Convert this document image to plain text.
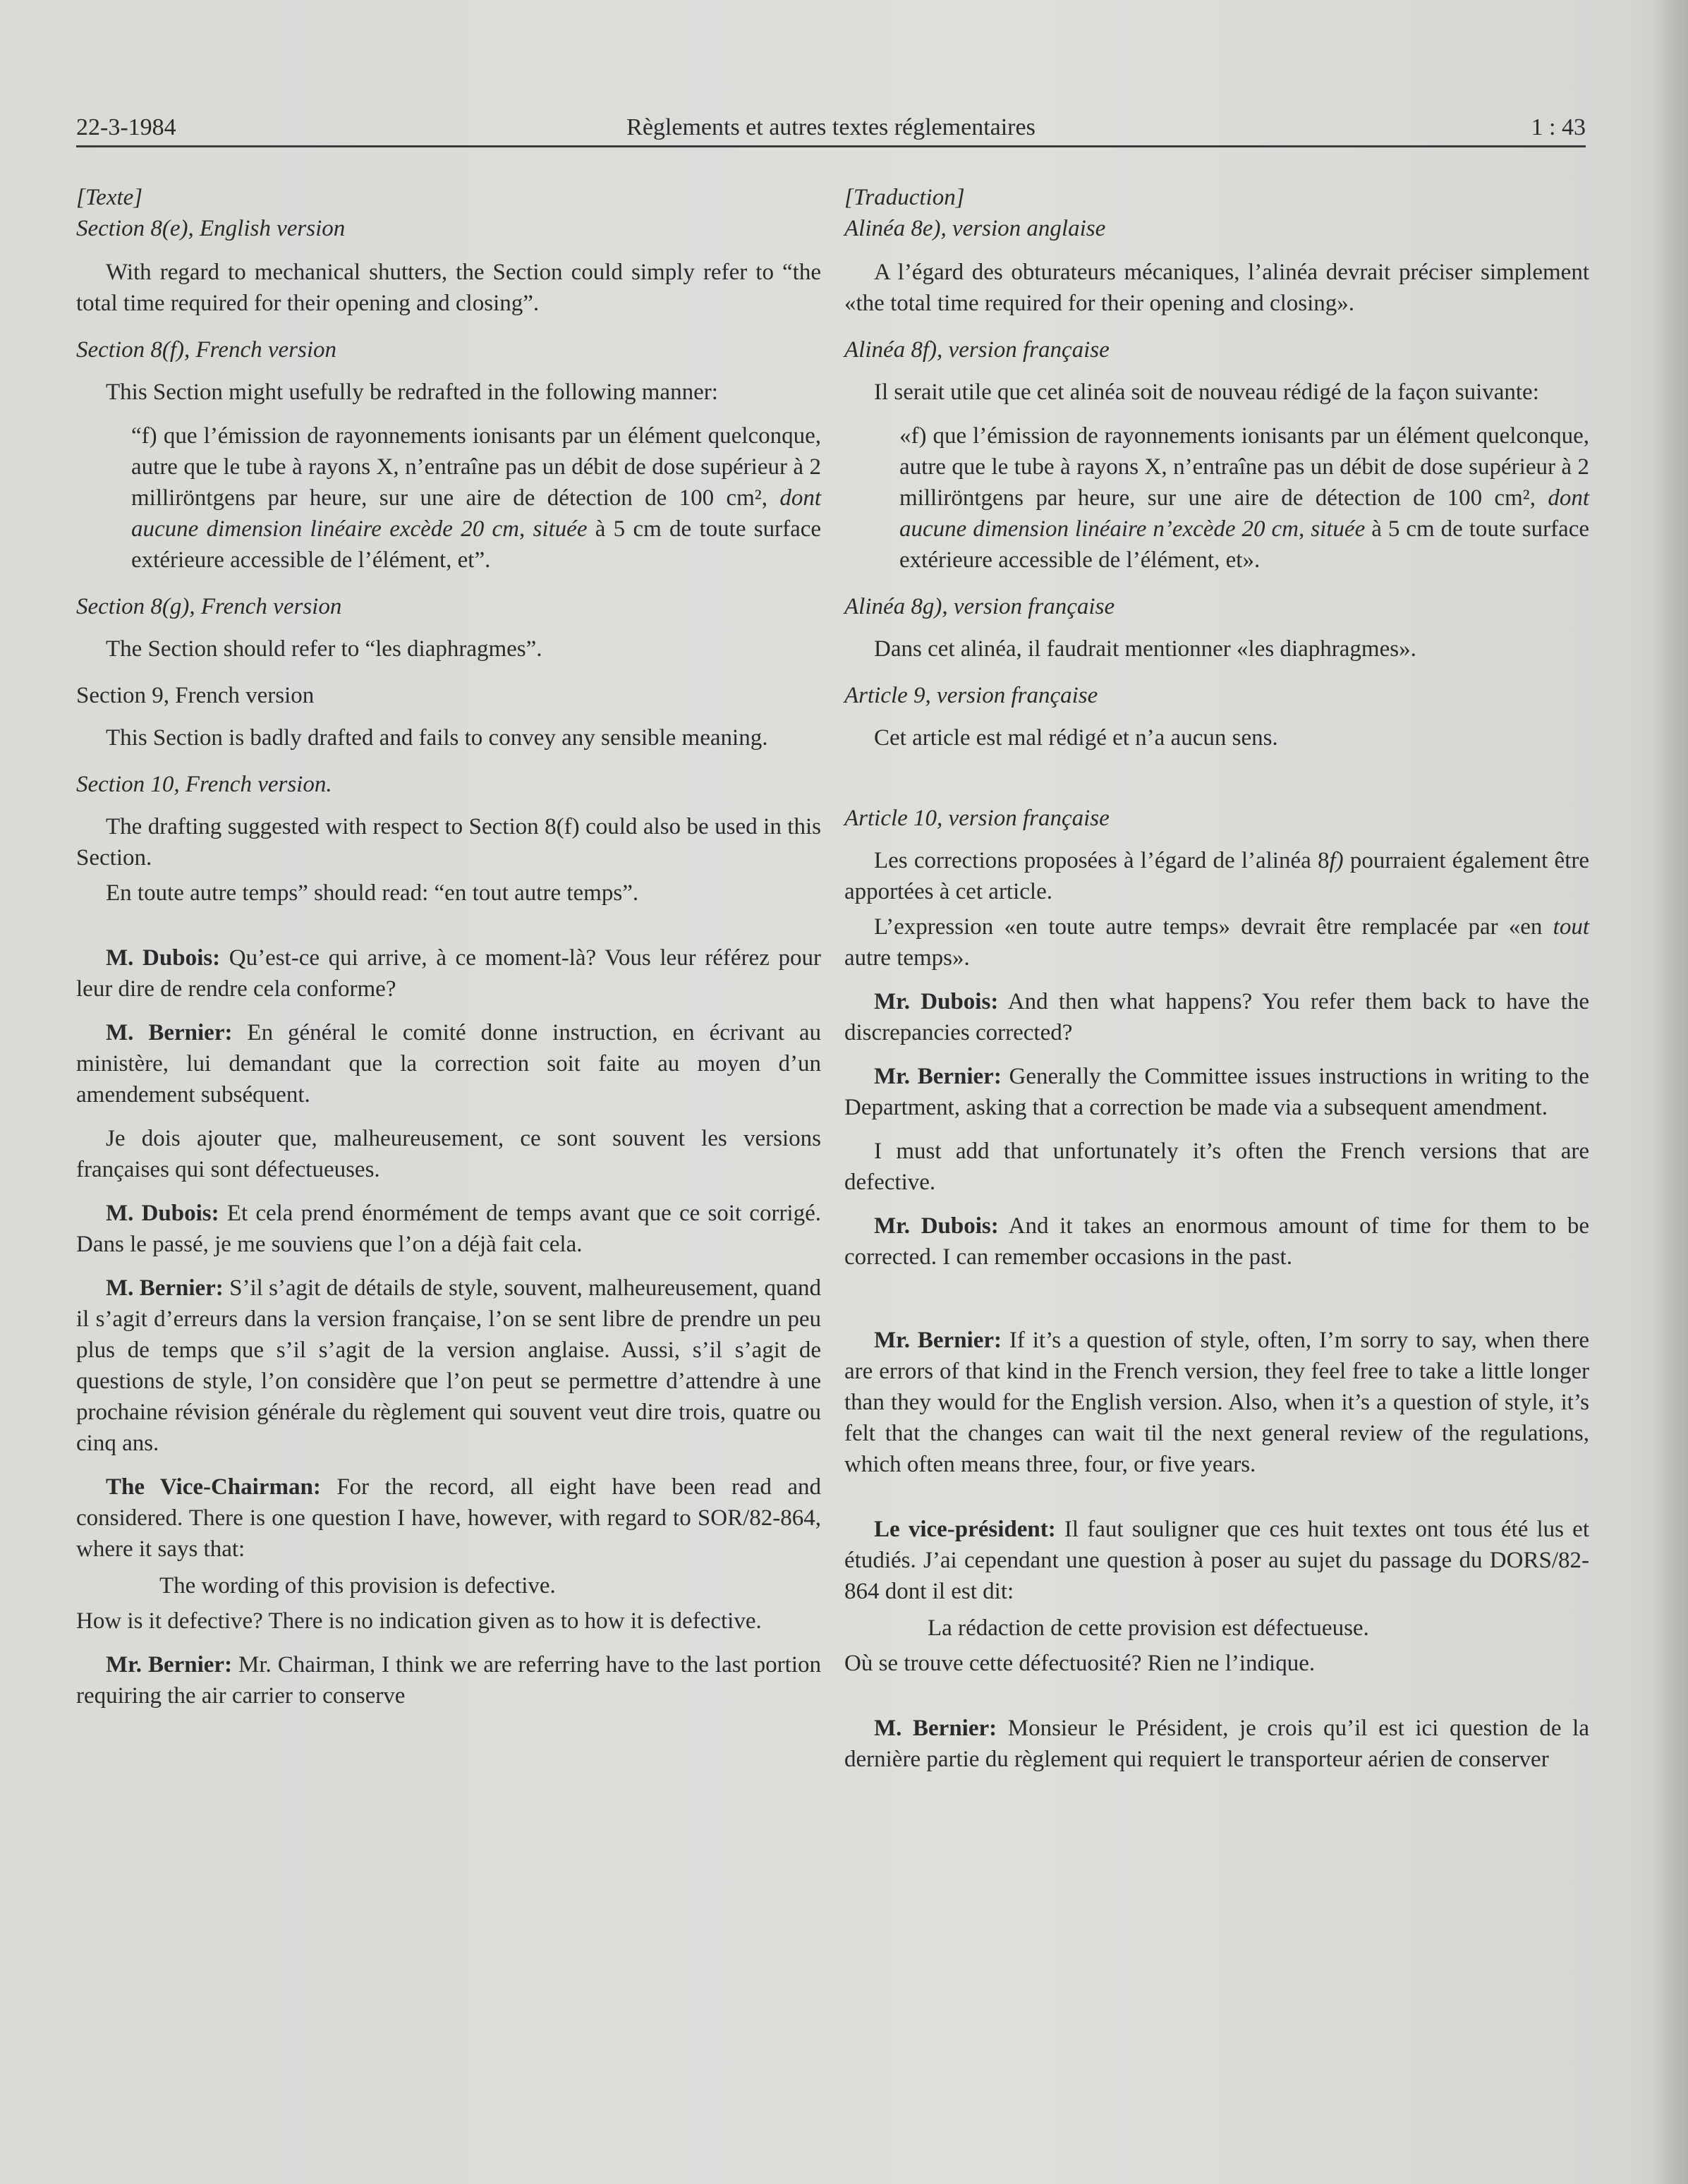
22-3-1984	Règlements et autres textes réglementaires	1 : 43

[Texte]

Section 8(e), English version

With regard to mechanical shutters, the Section could simply refer to “the total time required for their opening and closing”.

Section 8(f), French version

This Section might usefully be redrafted in the following manner:

“f) que l’émission de rayonnements ionisants par un élément quelconque, autre que le tube à rayons X, n’entraîne pas un débit de dose supérieur à 2 milliröntgens par heure, sur une aire de détection de 100 cm², dont aucune dimension linéaire excède 20 cm, située à 5 cm de toute surface extérieure accessible de l’élément, et”.

Section 8(g), French version

The Section should refer to “les diaphragmes”.

Section 9, French version

This Section is badly drafted and fails to convey any sensible meaning.

Section 10, French version.

The drafting suggested with respect to Section 8(f) could also be used in this Section.

En toute autre temps” should read: “en tout autre temps”.

M. Dubois: Qu’est-ce qui arrive, à ce moment-là? Vous leur référez pour leur dire de rendre cela conforme?

M. Bernier: En général le comité donne instruction, en écrivant au ministère, lui demandant que la correction soit faite au moyen d’un amendement subséquent.

Je dois ajouter que, malheureusement, ce sont souvent les versions françaises qui sont défectueuses.

M. Dubois: Et cela prend énormément de temps avant que ce soit corrigé. Dans le passé, je me souviens que l’on a déjà fait cela.

M. Bernier: S’il s’agit de détails de style, souvent, malheureusement, quand il s’agit d’erreurs dans la version française, l’on se sent libre de prendre un peu plus de temps que s’il s’agit de la version anglaise. Aussi, s’il s’agit de questions de style, l’on considère que l’on peut se permettre d’attendre à une prochaine révision générale du règlement qui souvent veut dire trois, quatre ou cinq ans.

The Vice-Chairman: For the record, all eight have been read and considered. There is one question I have, however, with regard to SOR/82-864, where it says that:

The wording of this provision is defective.

How is it defective? There is no indication given as to how it is defective.

Mr. Bernier: Mr. Chairman, I think we are referring have to the last portion requiring the air carrier to conserve

[Traduction]

Alinéa 8e), version anglaise

A l’égard des obturateurs mécaniques, l’alinéa devrait préciser simplement «the total time required for their opening and closing».

Alinéa 8f), version française

Il serait utile que cet alinéa soit de nouveau rédigé de la façon suivante:

«f) que l’émission de rayonnements ionisants par un élément quelconque, autre que le tube à rayons X, n’entraîne pas un débit de dose supérieur à 2 milliröntgens par heure, sur une aire de détection de 100 cm², dont aucune dimension linéaire n’excède 20 cm, située à 5 cm de toute surface extérieure accessible de l’élément, et».

Alinéa 8g), version française

Dans cet alinéa, il faudrait mentionner «les diaphragmes».

Article 9, version française

Cet article est mal rédigé et n’a aucun sens.

Article 10, version française

Les corrections proposées à l’égard de l’alinéa 8f) pourraient également être apportées à cet article.

L’expression «en toute autre temps» devrait être remplacée par «en tout autre temps».

Mr. Dubois: And then what happens? You refer them back to have the discrepancies corrected?

Mr. Bernier: Generally the Committee issues instructions in writing to the Department, asking that a correction be made via a subsequent amendment.

I must add that unfortunately it’s often the French versions that are defective.

Mr. Dubois: And it takes an enormous amount of time for them to be corrected. I can remember occasions in the past.

Mr. Bernier: If it’s a question of style, often, I’m sorry to say, when there are errors of that kind in the French version, they feel free to take a little longer than they would for the English version. Also, when it’s a question of style, it’s felt that the changes can wait til the next general review of the regulations, which often means three, four, or five years.

Le vice-président: Il faut souligner que ces huit textes ont tous été lus et étudiés. J’ai cependant une question à poser au sujet du passage du DORS/82-864 dont il est dit:

La rédaction de cette provision est défectueuse.

Où se trouve cette défectuosité? Rien ne l’indique.

M. Bernier: Monsieur le Président, je crois qu’il est ici question de la dernière partie du règlement qui requiert le transporteur aérien de conserver
